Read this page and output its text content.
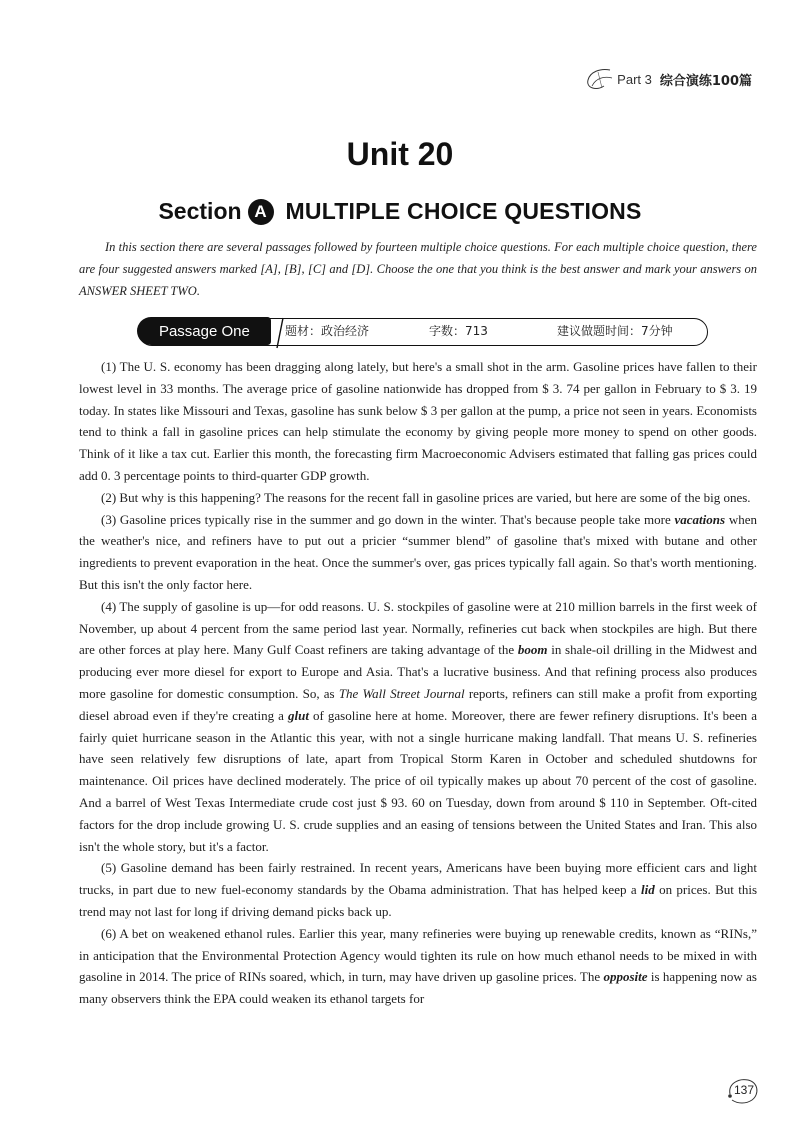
Part 3 综合演练100篇
Unit 20
Section A MULTIPLE CHOICE QUESTIONS
In this section there are several passages followed by fourteen multiple choice questions. For each multiple choice question, there are four suggested answers marked [A], [B], [C] and [D]. Choose the one that you think is the best answer and mark your answers on ANSWER SHEET TWO.
Passage One	题材：政治经济	字数：713	建议做题时间：7分钟

(1) The U. S. economy has been dragging along lately, but here's a small shot in the arm. Gasoline prices have fallen to their lowest level in 33 months. The average price of gasoline nationwide has dropped from $ 3. 74 per gallon in February to $ 3. 19 today. In states like Missouri and Texas, gasoline has sunk below $ 3 per gallon at the pump, a price not seen in years. Economists tend to think a fall in gasoline prices can help stimulate the economy by giving people more money to spend on other goods. Think of it like a tax cut. Earlier this month, the forecasting firm Macroeconomic Advisers estimated that falling gas prices could add 0. 3 percentage points to third-quarter GDP growth.

(2) But why is this happening? The reasons for the recent fall in gasoline prices are varied, but here are some of the big ones.

(3) Gasoline prices typically rise in the summer and go down in the winter. That's because people take more vacations when the weather's nice, and refiners have to put out a pricier “summer blend” of gasoline that's mixed with butane and other ingredients to prevent evaporation in the heat. Once the summer's over, gas prices typically fall again. So that's worth mentioning. But this isn't the only factor here.

(4) The supply of gasoline is up—for odd reasons. U. S. stockpiles of gasoline were at 210 million barrels in the first week of November, up about 4 percent from the same period last year. Normally, refineries cut back when stockpiles are high. But there are other forces at play here. Many Gulf Coast refiners are taking advantage of the boom in shale-oil drilling in the Midwest and producing ever more diesel for export to Europe and Asia. That's a lucrative business. And that refining process also produces more gasoline for domestic consumption. So, as The Wall Street Journal reports, refiners can still make a profit from exporting diesel abroad even if they're creating a glut of gasoline here at home. Moreover, there are fewer refinery disruptions. It's been a fairly quiet hurricane season in the Atlantic this year, with not a single hurricane making landfall. That means U. S. refineries have seen relatively few disruptions of late, apart from Tropical Storm Karen in October and scheduled shutdowns for maintenance. Oil prices have declined moderately. The price of oil typically makes up about 70 percent of the cost of gasoline. And a barrel of West Texas Intermediate crude cost just $ 93. 60 on Tuesday, down from around $ 110 in September. Oft-cited factors for the drop include growing U. S. crude supplies and an easing of tensions between the United States and Iran. This also isn't the whole story, but it's a factor.

(5) Gasoline demand has been fairly restrained. In recent years, Americans have been buying more efficient cars and light trucks, in part due to new fuel-economy standards by the Obama administration. That has helped keep a lid on prices. But this trend may not last for long if driving demand picks back up.

(6) A bet on weakened ethanol rules. Earlier this year, many refineries were buying up renewable credits, known as “RINs,” in anticipation that the Environmental Protection Agency would tighten its rule on how much ethanol needs to be mixed in with gasoline in 2014. The price of RINs soared, which, in turn, may have driven up gasoline prices. The opposite is happening now as many observers think the EPA could weaken its ethanol targets for

137
